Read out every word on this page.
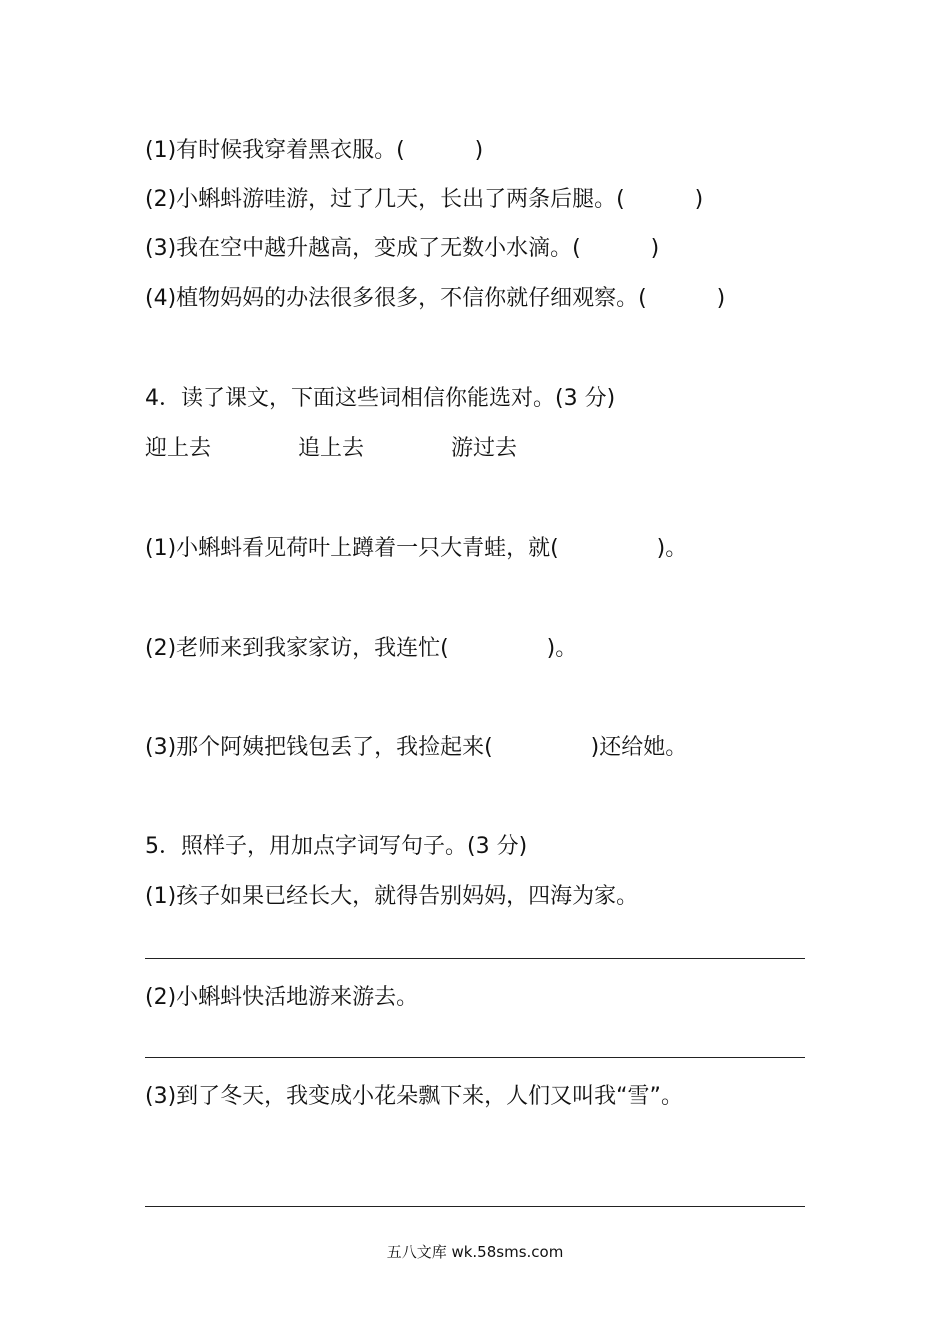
(1)有时候我穿着黑衣服。(          )
(2)小蝌蚪游哇游，过了几天，长出了两条后腿。(          )
(3)我在空中越升越高，变成了无数小水滴。(          )
(4)植物妈妈的办法很多很多，不信你就仔细观察。(          )
4．读了课文，下面这些词相信你能选对。(3 分)
迎上去	追上去	游过去
(1)小蝌蚪看见荷叶上蹲着一只大青蛙，就(              )。
(2)老师来到我家家访，我连忙(              )。
(3)那个阿姨把钱包丢了，我捡起来(              )还给她。
5．照样子，用加点字词写句子。(3 分)
(1)孩子如果已经长大，就得告别妈妈，四海为家。
(2)小蝌蚪快活地游来游去。
(3)到了冬天，我变成小花朵飘下来，人们又叫我“雪”。
五八文库 wk.58sms.com
